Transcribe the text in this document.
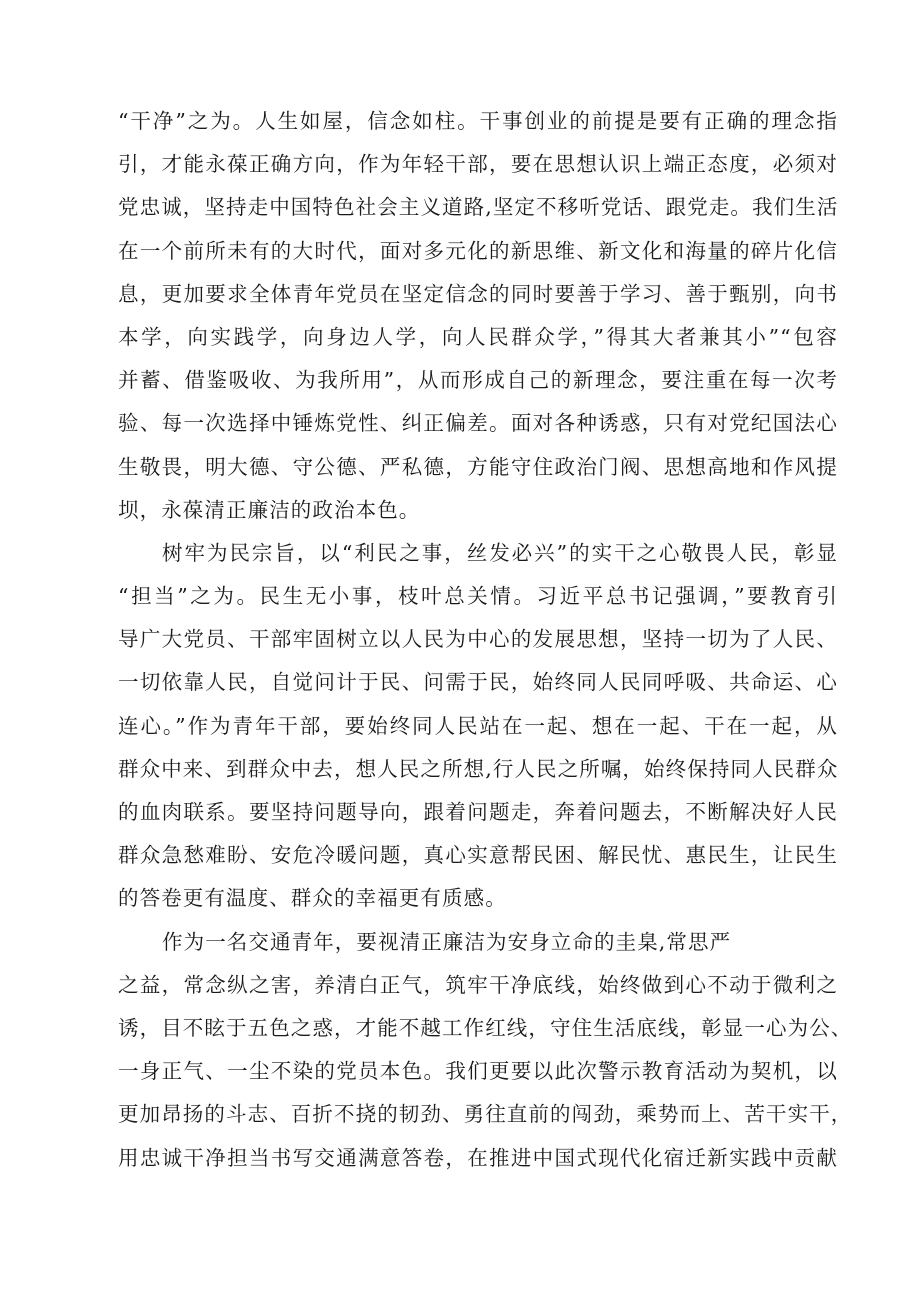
“干净”之为。人生如屋，信念如柱。干事创业的前提是要有正确的理念指
引，才能永葆正确方向，作为年轻干部，要在思想认识上端正态度，必须对
党忠诚，坚持走中国特色社会主义道路,坚定不移听党话、跟党走。我们生活
在一个前所未有的大时代，面对多元化的新思维、新文化和海量的碎片化信
息，更加要求全体青年党员在坚定信念的同时要善于学习、善于甄别，向书
本学，向实践学，向身边人学，向人民群众学，”得其大者兼其小”“包容
并蓄、借鉴吸收、为我所用”，从而形成自己的新理念，要注重在每一次考
验、每一次选择中锤炼党性、纠正偏差。面对各种诱惑，只有对党纪国法心
生敬畏，明大德、守公德、严私德，方能守住政治门阀、思想高地和作风提
坝，永葆清正廉洁的政治本色。
树牢为民宗旨，以“利民之事，丝发必兴”的实干之心敬畏人民，彰显
“担当”之为。民生无小事，枝叶总关情。习近平总书记强调，”要教育引
导广大党员、干部牢固树立以人民为中心的发展思想，坚持一切为了人民、
一切依靠人民，自觉问计于民、问需于民，始终同人民同呼吸、共命运、心
连心。”作为青年干部，要始终同人民站在一起、想在一起、干在一起，从
群众中来、到群众中去，想人民之所想,行人民之所嘱，始终保持同人民群众
的血肉联系。要坚持问题导向，跟着问题走，奔着问题去，不断解决好人民
群众急愁难盼、安危冷暖问题，真心实意帮民困、解民忧、惠民生，让民生
的答卷更有温度、群众的幸福更有质感。
作为一名交通青年，要视清正廉洁为安身立命的圭臬,常思严
之益，常念纵之害，养清白正气，筑牢干净底线，始终做到心不动于微利之
诱，目不眩于五色之惑，才能不越工作红线，守住生活底线，彰显一心为公、
一身正气、一尘不染的党员本色。我们更要以此次警示教育活动为契机，以
更加昂扬的斗志、百折不挠的韧劲、勇往直前的闯劲，乘势而上、苦干实干，
用忠诚干净担当书写交通满意答卷，在推进中国式现代化宿迁新实践中贡献
